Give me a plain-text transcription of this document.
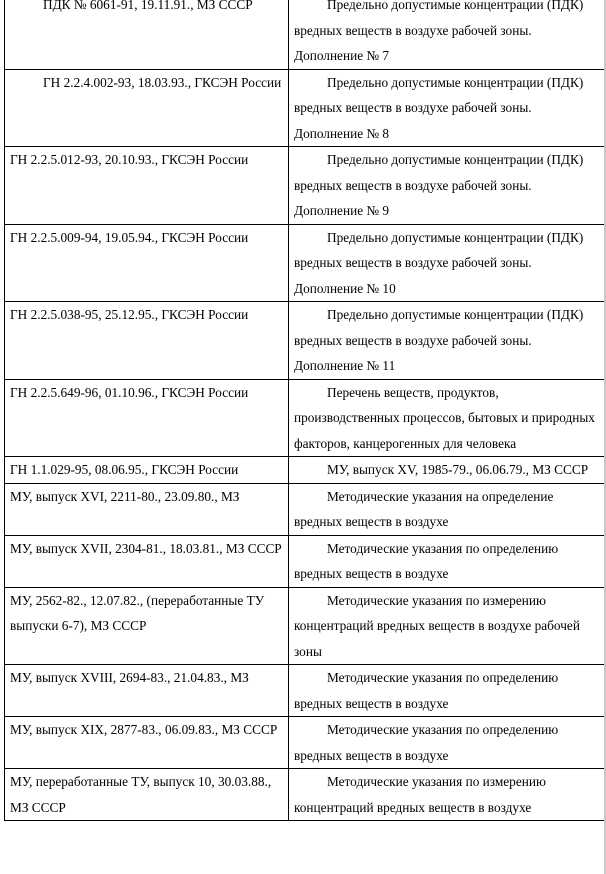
ПДК № 6061-91, 19.11.91., МЗ СССР	Предельно допустимые концентрации (ПДК) вредных веществ в воздухе рабочей зоны. Дополнение № 7
ГН 2.2.4.002-93, 18.03.93., ГКСЭН России	Предельно допустимые концентрации (ПДК) вредных веществ в воздухе рабочей зоны. Дополнение № 8
ГН 2.2.5.012-93, 20.10.93., ГКСЭН России	Предельно допустимые концентрации (ПДК) вредных веществ в воздухе рабочей зоны. Дополнение № 9
ГН 2.2.5.009-94, 19.05.94., ГКСЭН России	Предельно допустимые концентрации (ПДК) вредных веществ в воздухе рабочей зоны. Дополнение № 10
ГН 2.2.5.038-95, 25.12.95., ГКСЭН России	Предельно допустимые концентрации (ПДК) вредных веществ в воздухе рабочей зоны. Дополнение № 11
ГН 2.2.5.649-96, 01.10.96., ГКСЭН России	Перечень веществ, продуктов, производственных процессов, бытовых и природных факторов, канцерогенных для человека
ГН 1.1.029-95, 08.06.95., ГКСЭН России	МУ, выпуск XV, 1985-79., 06.06.79., МЗ СССР
МУ, выпуск XVI, 2211-80., 23.09.80., МЗ	Методические указания на определение вредных веществ в воздухе
МУ, выпуск XVII, 2304-81., 18.03.81., МЗ СССР	Методические указания по определению вредных веществ в воздухе
МУ, 2562-82., 12.07.82., (переработанные ТУ выпуски 6-7), МЗ СССР	Методические указания по измерению концентраций вредных веществ в воздухе рабочей зоны
МУ, выпуск XVIII, 2694-83., 21.04.83., МЗ	Методические указания по определению вредных веществ в воздухе
МУ, выпуск XIX, 2877-83., 06.09.83., МЗ СССР	Методические указания по определению вредных веществ в воздухе
МУ, переработанные ТУ, выпуск 10, 30.03.88., МЗ СССР	Методические указания по измерению концентраций вредных веществ в воздухе
